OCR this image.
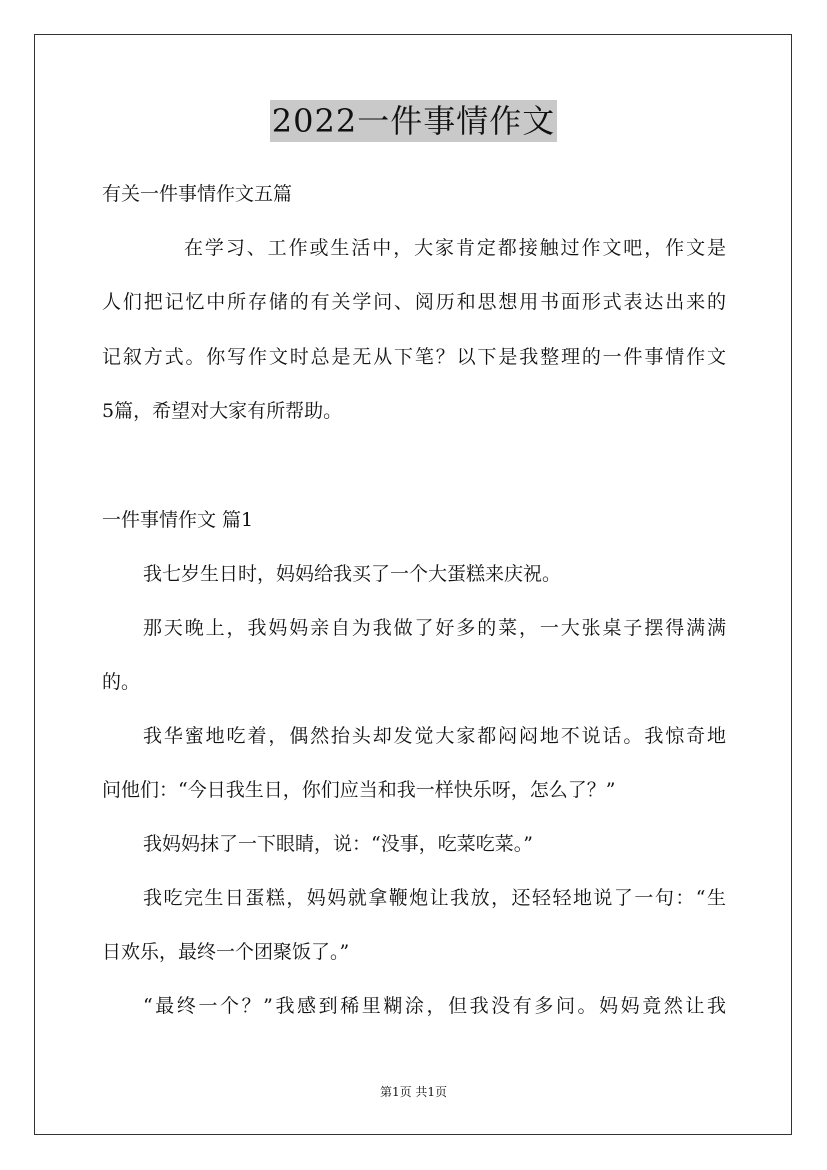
2022一件事情作文
有关一件事情作文五篇
在学习、工作或生活中，大家肯定都接触过作文吧，作文是
人们把记忆中所存储的有关学问、阅历和思想用书面形式表达出来的
记叙方式。你写作文时总是无从下笔？以下是我整理的一件事情作文
5篇，希望对大家有所帮助。
一件事情作文 篇1
我七岁生日时，妈妈给我买了一个大蛋糕来庆祝。
那天晚上，我妈妈亲自为我做了好多的菜，一大张桌子摆得满满
的。
我华蜜地吃着，偶然抬头却发觉大家都闷闷地不说话。我惊奇地
问他们：“今日我生日，你们应当和我一样快乐呀，怎么了？”
我妈妈抹了一下眼睛，说：“没事，吃菜吃菜。”
我吃完生日蛋糕，妈妈就拿鞭炮让我放，还轻轻地说了一句：“生
日欢乐，最终一个团聚饭了。”
“最终一个？”我感到稀里糊涂，但我没有多问。妈妈竟然让我
第1页 共1页
